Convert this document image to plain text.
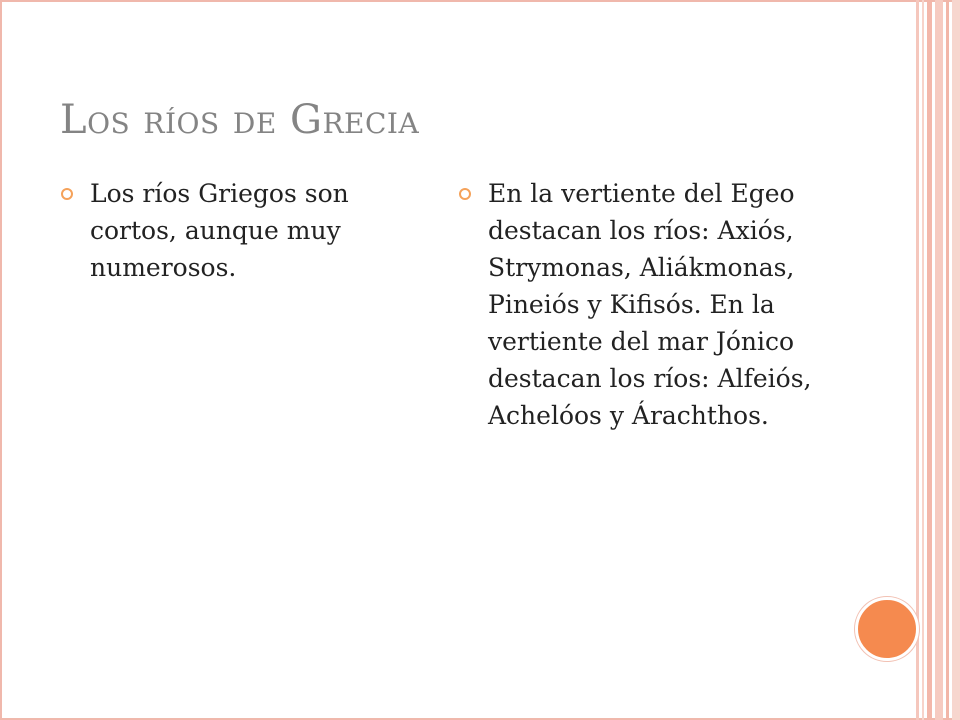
Los ríos de Grecia
Los ríos Griegos son cortos, aunque muy numerosos.
En la vertiente del Egeo destacan los ríos: Axiós, Strymonas, Aliákmonas, Pineiós y Kifisós. En la vertiente del mar Jónico destacan los ríos: Alfeiós, Achelóos y Árachthos.
